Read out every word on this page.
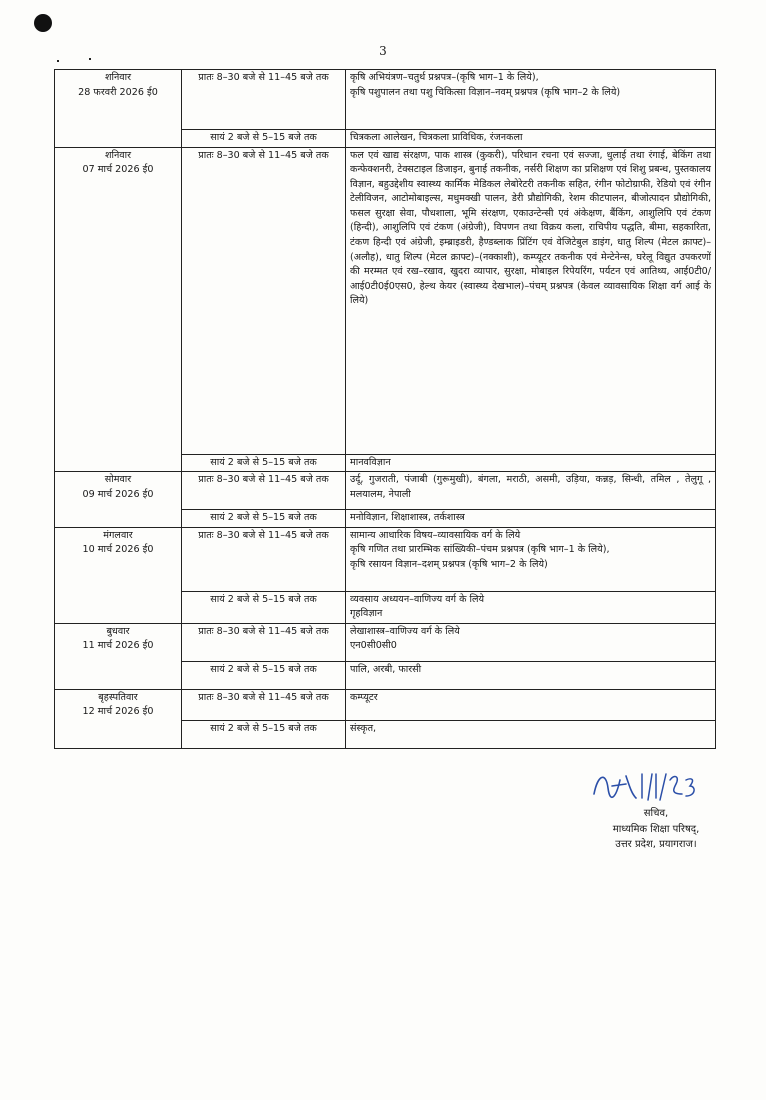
3
शनिवार
28 फरवरी 2026 ई0	प्रातः 8–30 बजे से 11–45 बजे तक	कृषि अभियंत्रण–चतुर्थ प्रश्नपत्र–(कृषि भाग–1 के लिये),
कृषि पशुपालन तथा पशु चिकित्सा विज्ञान–नवम् प्रश्नपत्र (कृषि भाग–2 के लिये)

	सायं 2 बजे से 5–15 बजे तक	चित्रकला आलेखन, चित्रकला प्राविधिक, रंजनकला

शनिवार
07 मार्च 2026 ई0	प्रातः 8–30 बजे से 11–45 बजे तक	फल एवं खाद्य संरक्षण, पाक शास्त्र (कुकरी), परिधान रचना एवं सज्जा, धुलाई तथा रंगाई, बेकिंग तथा कन्फेक्शनरी, टेक्सटाइल डिजाइन, बुनाई तकनीक, नर्सरी शिक्षण का प्रशिक्षण एवं शिशु प्रबन्ध, पुस्तकालय विज्ञान, बहुउद्देशीय स्वास्थ्य कार्मिक मेडिकल लेबोरेटरी तकनीक सहित, रंगीन फोटोग्राफी, रेडियो एवं रंगीन टेलीविजन, आटोमोबाइल्स, मधुमक्खी पालन, डेरी प्रौद्योगिकी, रेशम कीटपालन, बीजोत्पादन प्रौद्योगिकी, फसल सुरक्षा सेवा, पौधशाला, भूमि संरक्षण, एकाउन्टेन्सी एवं अंकेक्षण, बैंकिंग, आशुलिपि एवं टंकण (हिन्दी), आशुलिपि एवं टंकण (अंग्रेजी), विपणन तथा विक्रय कला, राचिपीय पद्धति, बीमा, सहकारिता, टंकण हिन्दी एवं अंग्रेजी, इम्ब्राइडरी, हैण्डब्लाक प्रिंटिंग एवं वेजिटेबुल डाइंग, धातु शिल्प (मेटल क्राफ्ट)–(अलौह), धातु शिल्प (मेटल क्राफ्ट)–(नक्काशी), कम्प्यूटर तकनीक एवं मेन्टेनेन्स, घरेलू विद्युत उपकरणों की मरम्मत एवं रख–रखाव, खुदरा व्यापार, सुरक्षा, मोबाइल रिपेयरिंग, पर्यटन एवं आतिथ्य, आई0टी0/आई0टी0ई0एस0, हेल्थ केयर (स्वास्थ्य देखभाल)–पंचम् प्रश्नपत्र (केवल व्यावसायिक शिक्षा वर्ग आई के लिये)

	सायं 2 बजे से 5–15 बजे तक	मानवविज्ञान

सोमवार
09 मार्च 2026 ई0	प्रातः 8–30 बजे से 11–45 बजे तक	उर्दू, गुजराती, पंजाबी (गुरूमुखी), बंगला, मराठी, असमी, उड़िया, कन्नड़, सिन्धी, तमिल , तेलुगू , मलयालम, नेपाली

	सायं 2 बजे से 5–15 बजे तक	मनोविज्ञान, शिक्षाशास्त्र, तर्कशास्त्र

मंगलवार
10 मार्च 2026 ई0	प्रातः 8–30 बजे से 11–45 बजे तक	सामान्य आधारिक विषय–व्यावसायिक वर्ग के लिये
कृषि गणित तथा प्रारम्भिक सांख्यिकी–पंचम प्रश्नपत्र (कृषि भाग–1 के लिये),
कृषि रसायन विज्ञान–दशम् प्रश्नपत्र (कृषि भाग–2 के लिये)

	सायं 2 बजे से 5–15 बजे तक	व्यवसाय अध्ययन–वाणिज्य वर्ग के लिये
गृहविज्ञान

बुधवार
11 मार्च 2026 ई0	प्रातः 8–30 बजे से 11–45 बजे तक	लेखाशास्त्र–वाणिज्य वर्ग के लिये
एन0सी0सी0

	सायं 2 बजे से 5–15 बजे तक	पालि, अरबी, फारसी

बृहस्पतिवार
12 मार्च 2026 ई0	प्रातः 8–30 बजे से 11–45 बजे तक	कम्प्यूटर

	सायं 2 बजे से 5–15 बजे तक	संस्कृत,
सचिव,
माध्यमिक शिक्षा परिषद्,
उत्तर प्रदेश, प्रयागराज।
